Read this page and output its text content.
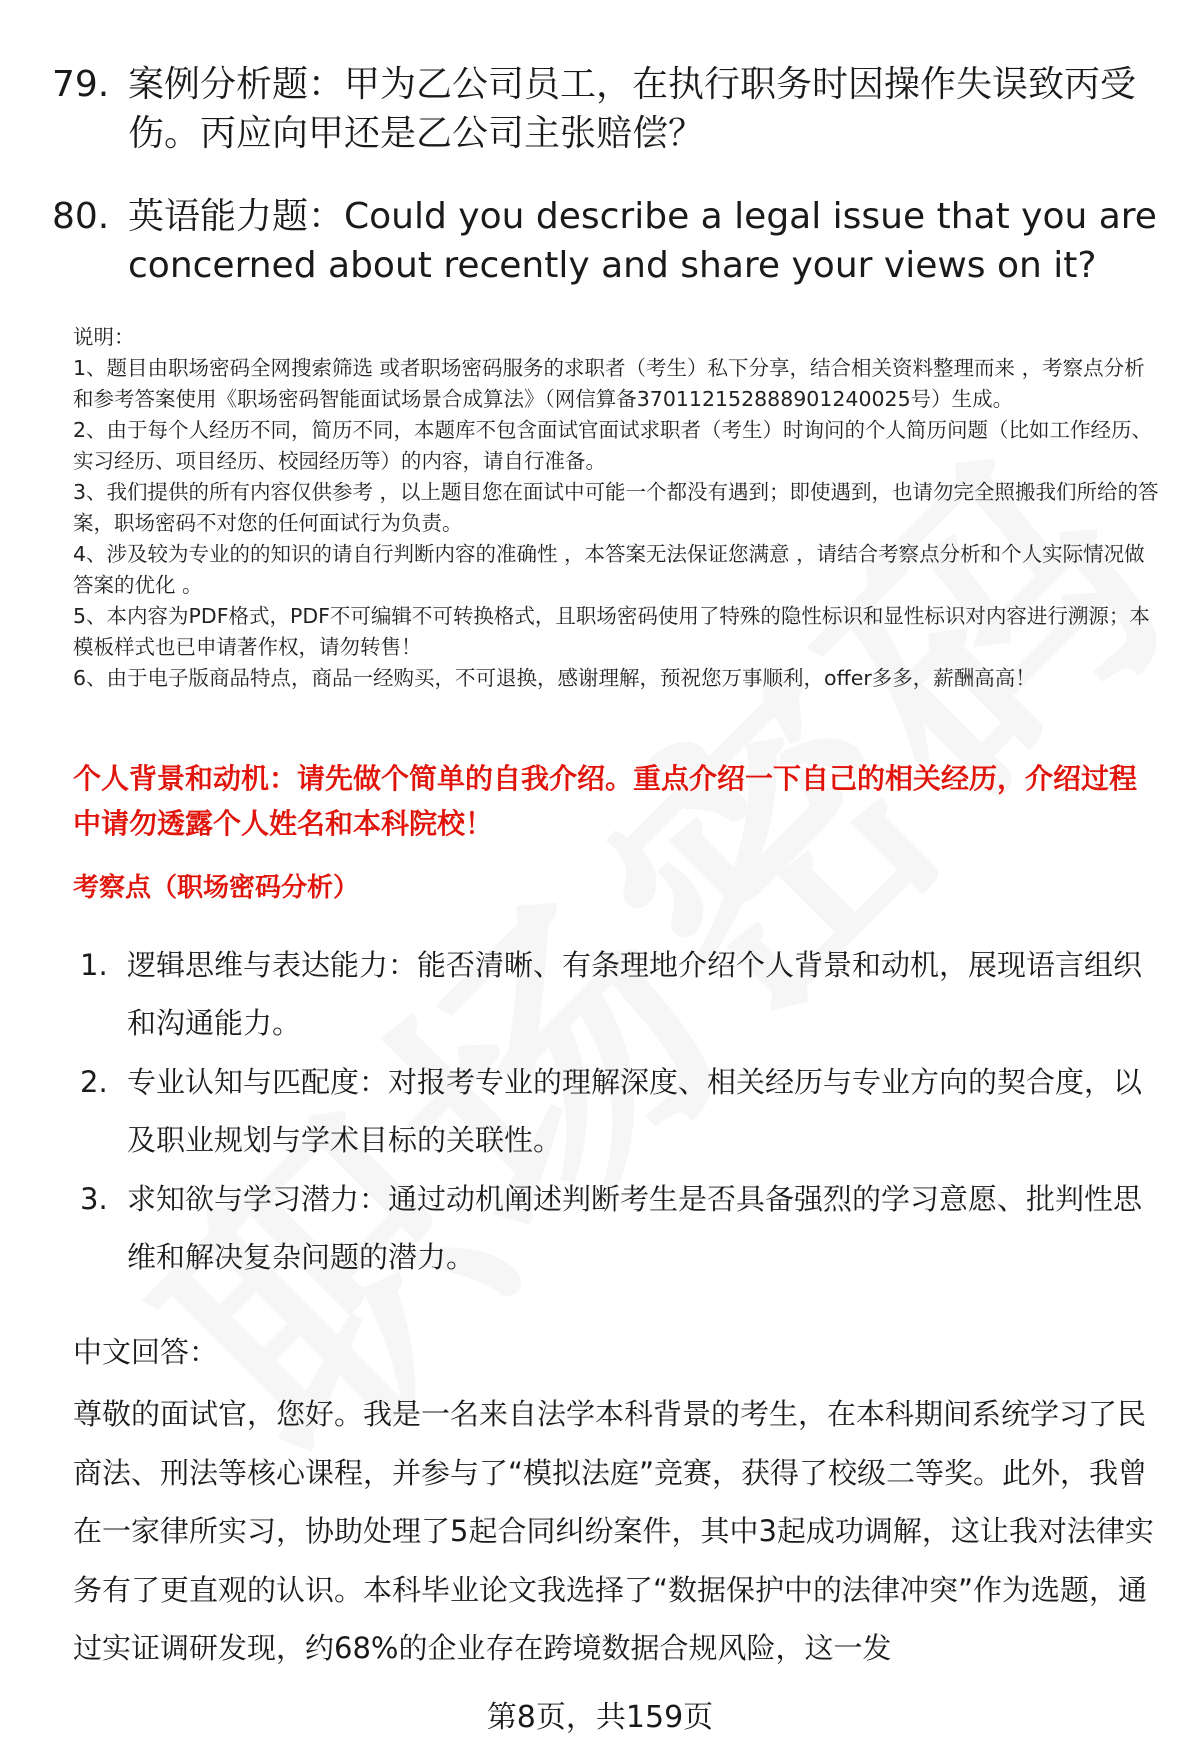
79. 案例分析题：甲为乙公司员工，在执行职务时因操作失误致丙受伤。丙应向甲还是乙公司主张赔偿？
80. 英语能力题：Could you describe a legal issue that you are concerned about recently and share your views on it?

说明：

1、题目由职场密码全网搜索筛选 或者职场密码服务的求职者（考生）私下分享，结合相关资料整理而来 ，考察点分析和参考答案使用《职场密码智能面试场景合成算法》（网信算备370112152888901240025号）生成。

2、由于每个人经历不同，简历不同，本题库不包含面试官面试求职者（考生）时询问的个人简历问题（比如工作经历、实习经历、项目经历、校园经历等）的内容，请自行准备。

3、我们提供的所有内容仅供参考 ，以上题目您在面试中可能一个都没有遇到；即使遇到，也请勿完全照搬我们所给的答案，职场密码不对您的任何面试行为负责。

4、涉及较为专业的的知识的请自行判断内容的准确性 ，本答案无法保证您满意 ，请结合考察点分析和个人实际情况做答案的优化 。

5、本内容为PDF格式，PDF不可编辑不可转换格式，且职场密码使用了特殊的隐性标识和显性标识对内容进行溯源；本模板样式也已申请著作权，请勿转售！

6、由于电子版商品特点，商品一经购买，不可退换，感谢理解，预祝您万事顺利，offer多多，薪酬高高！

个人背景和动机：请先做个简单的自我介绍。重点介绍一下自己的相关经历，介绍过程中请勿透露个人姓名和本科院校！
考察点（职场密码分析）
1. 逻辑思维与表达能力：能否清晰、有条理地介绍个人背景和动机，展现语言组织和沟通能力。
2. 专业认知与匹配度：对报考专业的理解深度、相关经历与专业方向的契合度，以及职业规划与学术目标的关联性。
3. 求知欲与学习潜力：通过动机阐述判断考生是否具备强烈的学习意愿、批判性思维和解决复杂问题的潜力。
中文回答：
尊敬的面试官，您好。我是一名来自法学本科背景的考生，在本科期间系统学习了民商法、刑法等核心课程，并参与了“模拟法庭”竞赛，获得了校级二等奖。此外，我曾在一家律所实习，协助处理了5起合同纠纷案件，其中3起成功调解，这让我对法律实务有了更直观的认识。本科毕业论文我选择了“数据保护中的法律冲突”作为选题，通过实证调研发现，约68%的企业存在跨境数据合规风险，这一发
第8页，共159页
